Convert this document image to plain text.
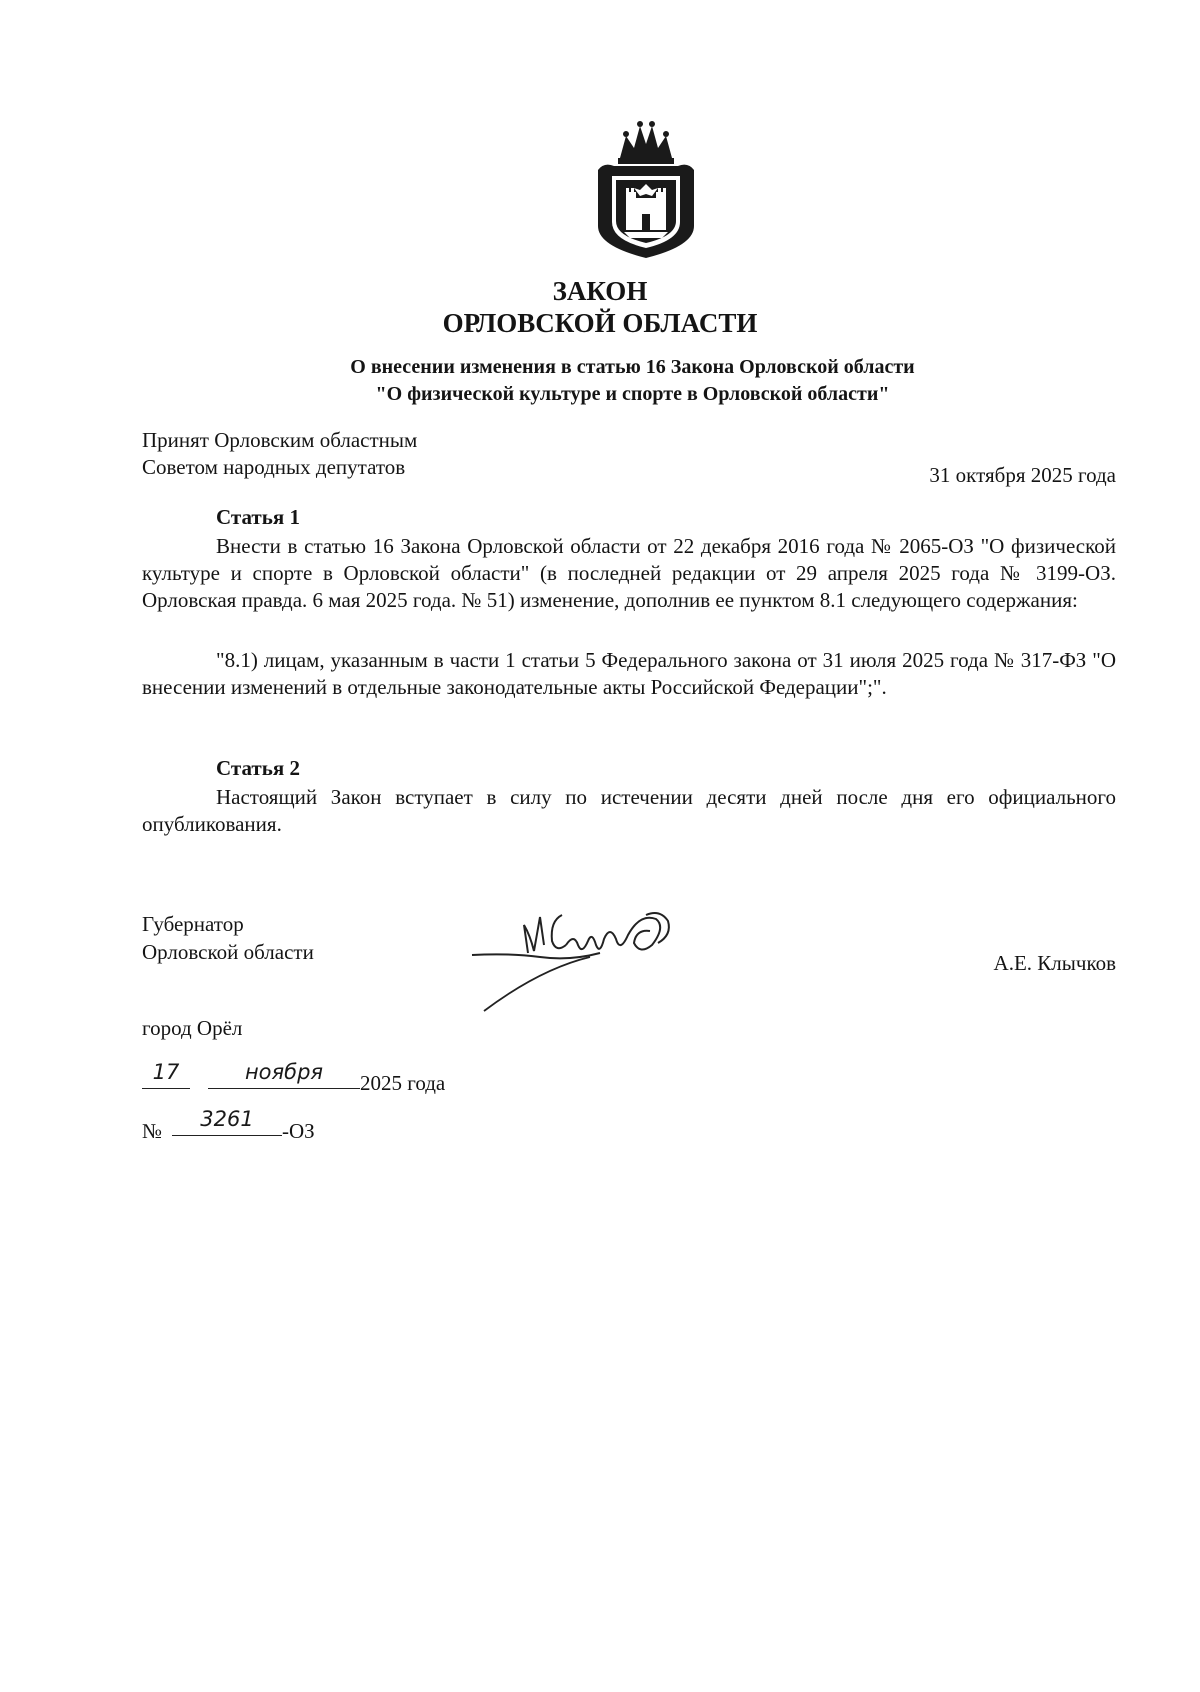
ЗАКОН
ОРЛОВСКОЙ ОБЛАСТИ
О внесении изменения в статью 16 Закона Орловской области
"О физической культуре и спорте в Орловской области"
Принят Орловским областным
Советом народных депутатов	31 октября 2025 года
Статья 1
Внести в статью 16 Закона Орловской области от 22 декабря 2016 года № 2065-ОЗ "О физической культуре и спорте в Орловской области" (в последней редакции от 29 апреля 2025 года № 3199-ОЗ. Орловская правда. 6 мая 2025 года. № 51) изменение, дополнив ее пунктом 8.1 следующего содержания:
"8.1) лицам, указанным в части 1 статьи 5 Федерального закона от 31 июля 2025 года № 317-ФЗ "О внесении изменений в отдельные законодательные акты Российской Федерации";".
Статья 2
Настоящий Закон вступает в силу по истечении десяти дней после дня его официального опубликования.
Губернатор
Орловской области	А.Е. Клычков
город Орёл
17	ноября	2025 года
№	3261	-ОЗ
